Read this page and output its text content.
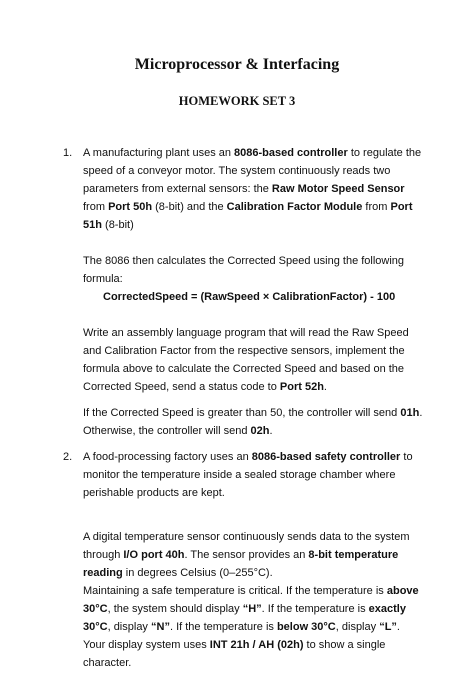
Microprocessor & Interfacing
HOMEWORK SET 3
1. A manufacturing plant uses an 8086-based controller to regulate the speed of a conveyor motor. The system continuously reads two parameters from external sensors: the Raw Motor Speed Sensor from Port 50h (8-bit) and the Calibration Factor Module from Port 51h (8-bit)

The 8086 then calculates the Corrected Speed using the following formula:

CorrectedSpeed = (RawSpeed × CalibrationFactor) - 100

Write an assembly language program that will read the Raw Speed and Calibration Factor from the respective sensors, implement the formula above to calculate the Corrected Speed and based on the Corrected Speed, send a status code to Port 52h.

If the Corrected Speed is greater than 50, the controller will send 01h. Otherwise, the controller will send 02h.

2. A food-processing factory uses an 8086-based safety controller to monitor the temperature inside a sealed storage chamber where perishable products are kept.

A digital temperature sensor continuously sends data to the system through I/O port 40h. The sensor provides an 8-bit temperature reading in degrees Celsius (0–255°C).

Maintaining a safe temperature is critical. If the temperature is above 30°C, the system should display “H”. If the temperature is exactly 30°C, display “N”. If the temperature is below 30°C, display “L”. Your display system uses INT 21h / AH (02h) to show a single character.
